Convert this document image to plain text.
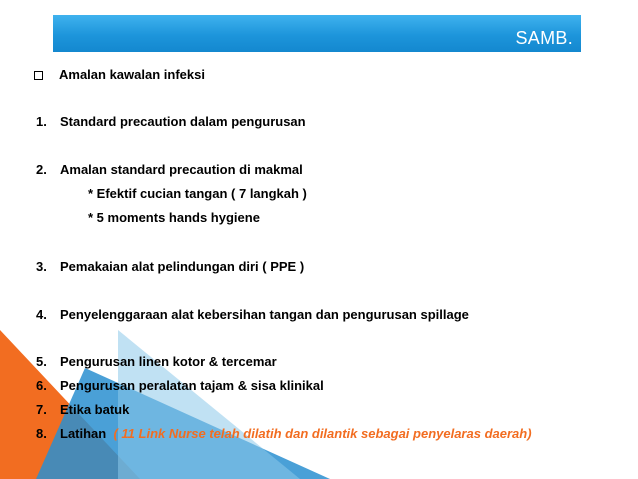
SAMB.
Amalan kawalan infeksi
1. Standard precaution dalam pengurusan
2. Amalan standard precaution di makmal
* Efektif cucian tangan ( 7 langkah )
* 5 moments hands hygiene
3. Pemakaian alat pelindungan diri ( PPE )
4. Penyelenggaraan alat kebersihan tangan dan pengurusan spillage
5. Pengurusan linen kotor & tercemar
6. Pengurusan peralatan tajam & sisa klinikal
7. Etika batuk
8. Latihan ( 11 Link Nurse telah dilatih dan dilantik sebagai penyelaras daerah)
